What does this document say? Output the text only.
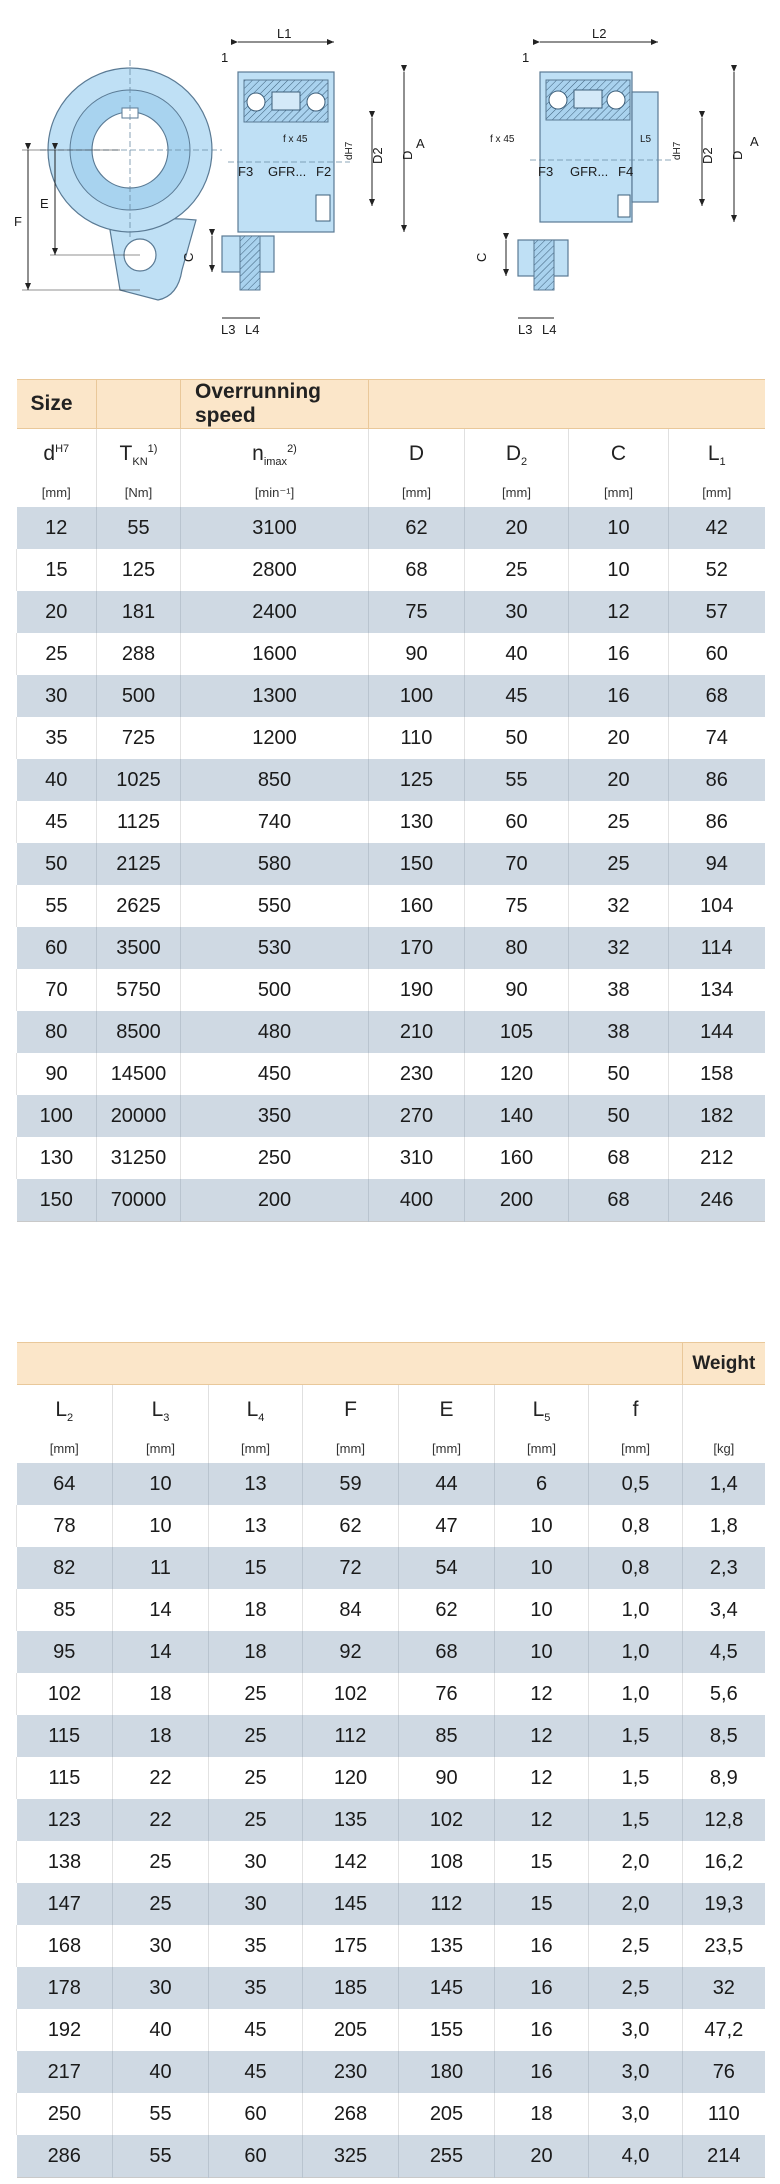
F
E
L1
1
f x 45
F3 GFR... F2
dH7 D2 D
A
C
L3 L4
L2
1
f x 45	L5
F3 GFR... F4
dH7 D2 D
A
C
L3 L4
Size		Overrunning speed				
$d^{H7}$	$T_{KN}^{1)}$	$n_{imax}^{2)}$	D	$D_2$	C	$L_1$
[mm]	[Nm]	[min⁻¹]	[mm]	[mm]	[mm]	[mm]
12	55	3100	62	20	10	42
15	125	2800	68	25	10	52
20	181	2400	75	30	12	57
25	288	1600	90	40	16	60
30	500	1300	100	45	16	68
35	725	1200	110	50	20	74
40	1025	850	125	55	20	86
45	1125	740	130	60	25	86
50	2125	580	150	70	25	94
55	2625	550	160	75	32	104
60	3500	530	170	80	32	114
70	5750	500	190	90	38	134
80	8500	480	210	105	38	144
90	14500	450	230	120	50	158
100	20000	350	270	140	50	182
130	31250	250	310	160	68	212
150	70000	200	400	200	68	246
							Weight
$L_2$	$L_3$	$L_4$	F	E	$L_5$	f	
[mm]	[mm]	[mm]	[mm]	[mm]	[mm]	[mm]	[kg]
64	10	13	59	44	6	0,5	1,4
78	10	13	62	47	10	0,8	1,8
82	11	15	72	54	10	0,8	2,3
85	14	18	84	62	10	1,0	3,4
95	14	18	92	68	10	1,0	4,5
102	18	25	102	76	12	1,0	5,6
115	18	25	112	85	12	1,5	8,5
115	22	25	120	90	12	1,5	8,9
123	22	25	135	102	12	1,5	12,8
138	25	30	142	108	15	2,0	16,2
147	25	30	145	112	15	2,0	19,3
168	30	35	175	135	16	2,5	23,5
178	30	35	185	145	16	2,5	32
192	40	45	205	155	16	3,0	47,2
217	40	45	230	180	16	3,0	76
250	55	60	268	205	18	3,0	110
286	55	60	325	255	20	4,0	214
